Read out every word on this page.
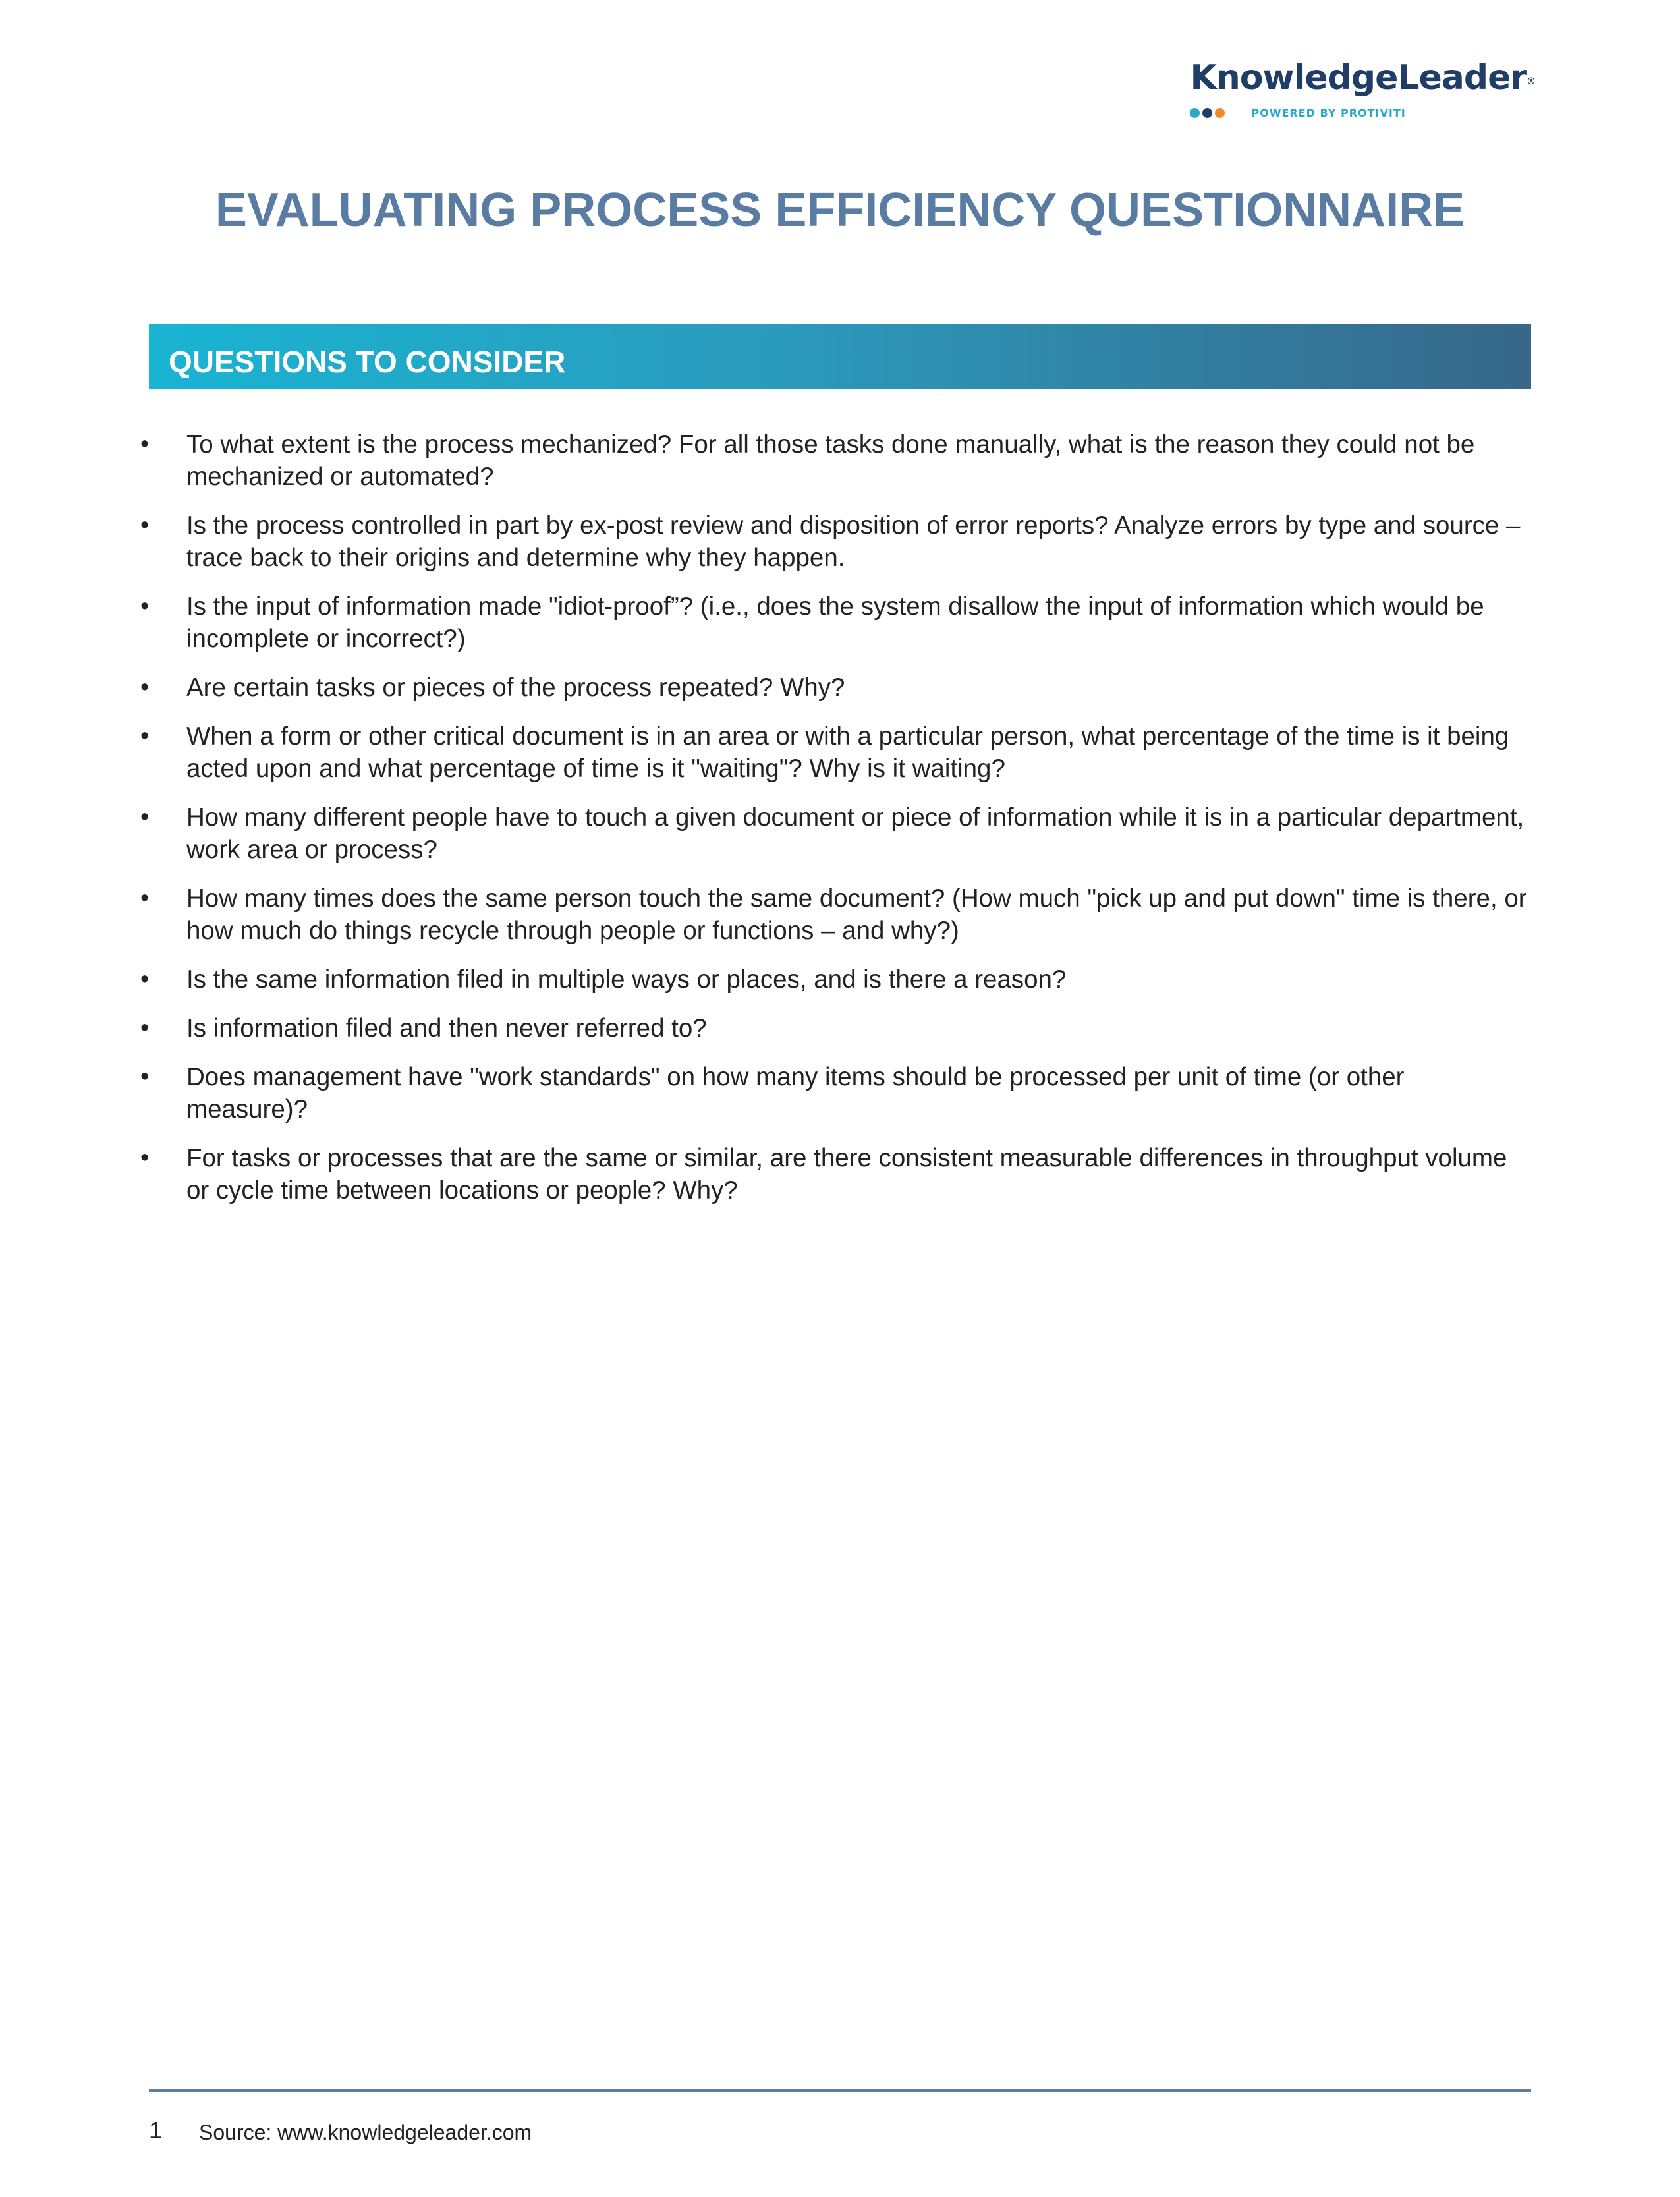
KnowledgeLeader®
POWERED BY PROTIVITI
EVALUATING PROCESS EFFICIENCY QUESTIONNAIRE
QUESTIONS TO CONSIDER
•	To what extent is the process mechanized? For all those tasks done manually, what is the reason they could not be mechanized or automated?
•	Is the process controlled in part by ex-post review and disposition of error reports? Analyze errors by type and source – trace back to their origins and determine why they happen.
•	Is the input of information made "idiot-proof”? (i.e., does the system disallow the input of information which would be incomplete or incorrect?)
•	Are certain tasks or pieces of the process repeated? Why?
•	When a form or other critical document is in an area or with a particular person, what percentage of the time is it being acted upon and what percentage of time is it "waiting"? Why is it waiting?
•	How many different people have to touch a given document or piece of information while it is in a particular department, work area or process?
•	How many times does the same person touch the same document? (How much "pick up and put down" time is there, or how much do things recycle through people or functions – and why?)
•	Is the same information filed in multiple ways or places, and is there a reason?
•	Is information filed and then never referred to?
•	Does management have "work standards" on how many items should be processed per unit of time (or other measure)?
•	For tasks or processes that are the same or similar, are there consistent measurable differences in throughput volume or cycle time between locations or people? Why?
1 Source: www.knowledgeleader.com
